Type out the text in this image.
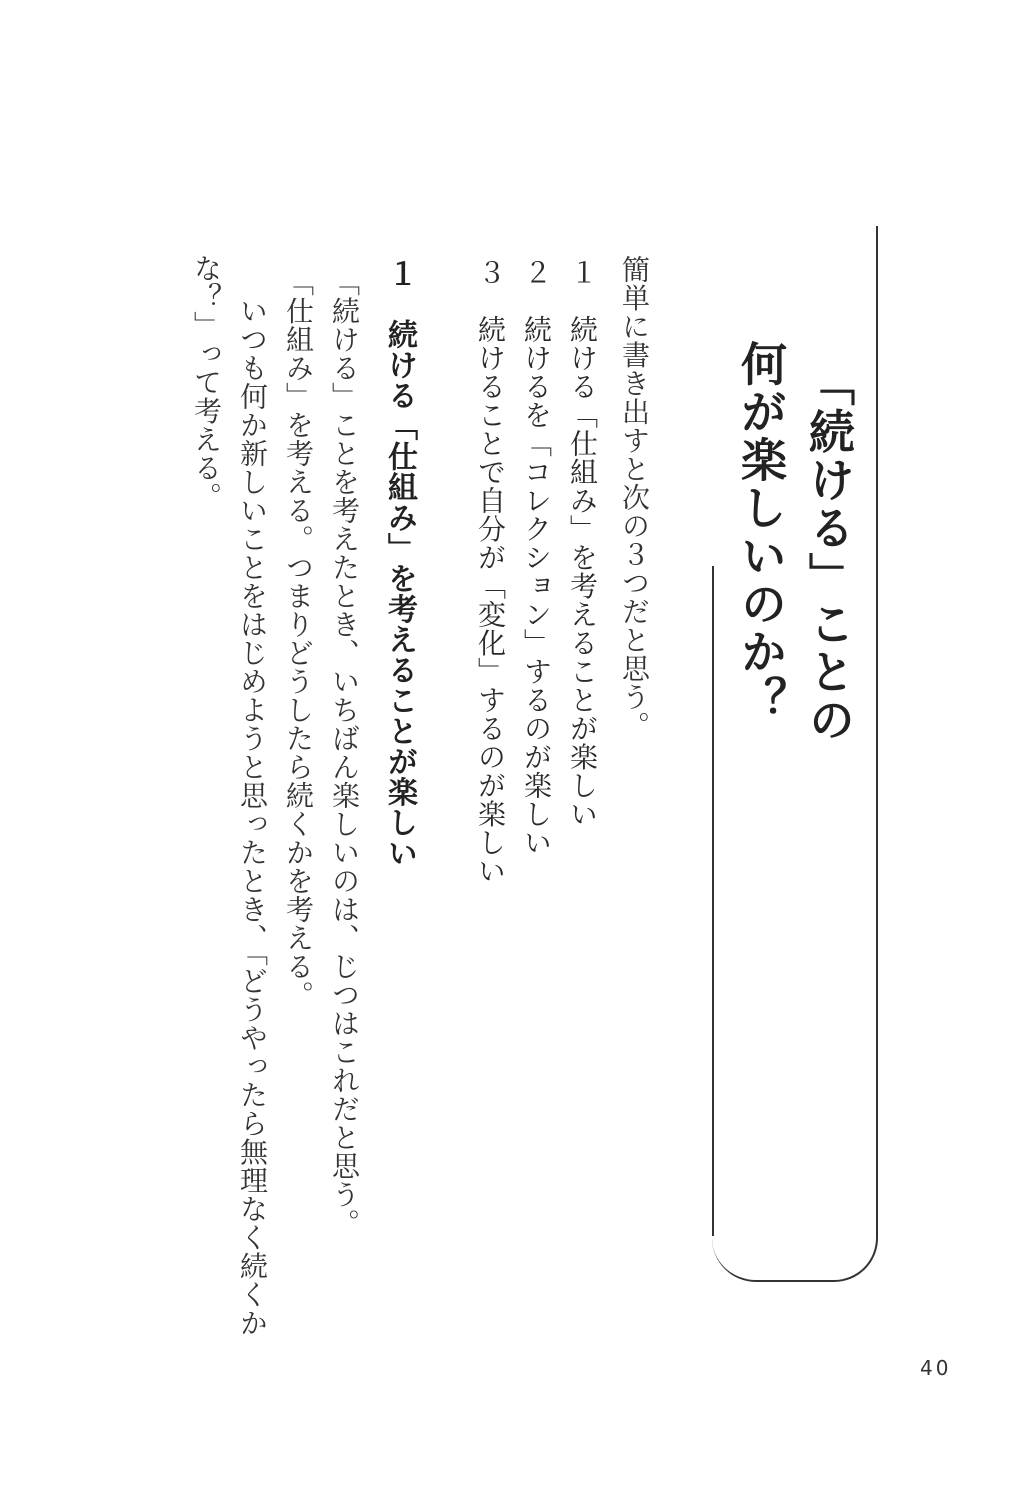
「続ける」ことの
何が楽しいのか？
簡単に書き出すと次の３つだと思う。
１　続ける「仕組み」を考えることが楽しい
２　続けるを「コレクション」するのが楽しい
３　続けることで自分が「変化」するのが楽しい
１　続ける「仕組み」を考えることが楽しい
「続ける」ことを考えたとき、いちばん楽しいのは、じつはこれだと思う。
「仕組み」を考える。つまりどうしたら続くかを考える。
　いつも何か新しいことをはじめようと思ったとき、「どうやったら無理なく続くか
な？」って考える。
40
